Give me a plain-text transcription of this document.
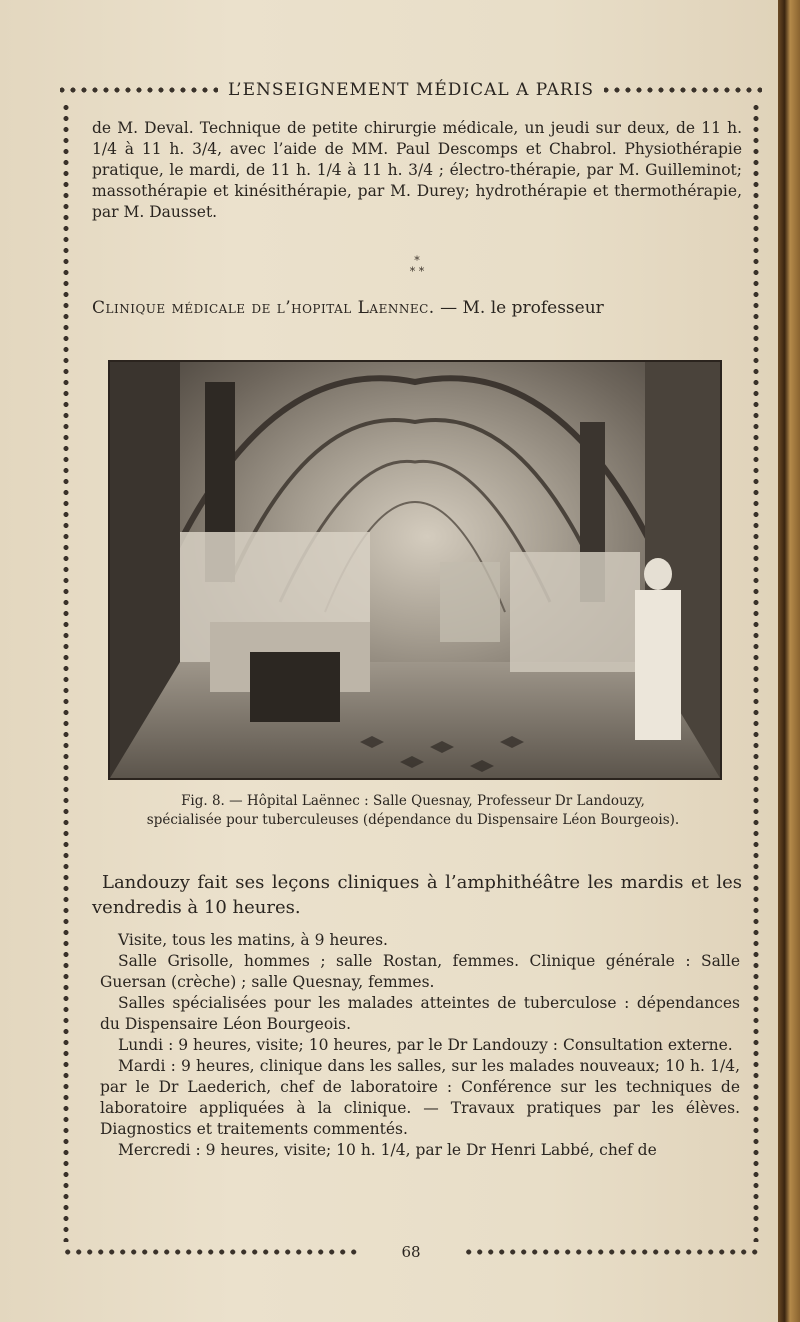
L’ENSEIGNEMENT MÉDICAL A PARIS

de M. Deval. Technique de petite chirurgie médicale, un jeudi sur deux, de 11 h. 1/4 à 11 h. 3/4, avec l’aide de MM. Paul Descomps et Chabrol. Physiothérapie pratique, le mardi, de 11 h. 1/4 à 11 h. 3/4 ; électro-thérapie, par M. Guilleminot; massothérapie et kinésithérapie, par M. Durey; hydrothérapie et thermothérapie, par M. Dausset.

*
* *
Clinique médicale de l’hopital Laennec. — M. le professeur
Fig. 8. — Hôpital Laënnec : Salle Quesnay, Professeur Dr Landouzy,
spécialisée pour tuberculeuses (dépendance du Dispensaire Léon Bourgeois).

Landouzy fait ses leçons cliniques à l’amphithéâtre les mardis et les vendredis à 10 heures.

Visite, tous les matins, à 9 heures.

Salle Grisolle, hommes ; salle Rostan, femmes. Clinique générale : Salle Guersan (crèche) ; salle Quesnay, femmes.

Salles spécialisées pour les malades atteintes de tuberculose : dépendances du Dispensaire Léon Bourgeois.

Lundi : 9 heures, visite; 10 heures, par le Dr Landouzy : Consultation externe.

Mardi : 9 heures, clinique dans les salles, sur les malades nouveaux; 10 h. 1/4, par le Dr Laederich, chef de laboratoire : Conférence sur les techniques de laboratoire appliquées à la clinique. — Travaux pratiques par les élèves. Diagnostics et traitements commentés.

Mercredi : 9 heures, visite; 10 h. 1/4, par le Dr Henri Labbé, chef de

68
